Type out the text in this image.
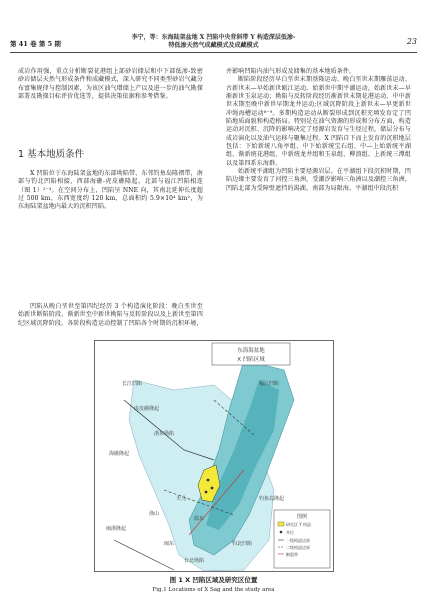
李宁，等：东海陆架盆地 X 凹陷中央背斜带 Y 构造深层低渗-
特低渗天然气成藏模式及成藏模式
第 41 卷 第 5 期	23

成岩作用强，重点分析断裂花港组上部砂岩储层和中下部低渗-致密砂岩储层天然气形成条件和成藏模式，深入研究不同类型砂岩气藏分布富集规律与控制因素，为该区油气增储上产以及进一步的油气勘探部署及勘探目标评价优选等，提供决策依据和参考借鉴。

1 基本地质条件

X 凹陷位于东海陆架盆地的东部坳陷带，东邻钓鱼岛隆褶带，南部与钓北凹陷相接，西部海礁-虎皮礁隆起，北部与福江凹陷相连（图 1）²⁻³。在空间分布上，凹陷呈 NNE 向，其南北延伸长度超过 500 km，东西宽度约 120 km，总面积约 5.9×10⁴ km²，为东海陆架盆地内最大的沉积凹陷。

凹陷从晚白垩世至第四纪经历 3 个构造演化阶段：晚白垩世至始新世断陷阶段、渐新世至中新世拗陷与反转阶段以及上新世至第四纪区域沉降阶段。各阶段构造运动控制了凹陷各个时期的沉积环境，

并影响凹陷内油气形成及储集的基本地质条件。

断陷阶段经历早白垩世末期基隆运动、晚白垩世末期雁荡运动、古新世末—早始新世瓯江运动，始新世中期平湖运动，始新世末—早渐新世玉泉运动；拗陷与反转阶段经历渐新世末期花港运动、中中新世末期至晚中新世早期龙井运动;区域沉降阶段上新世末—早更新世冲绳海槽运动⁸⁻⁹。多期构造运动从断裂形成到沉积充填发育定了凹陷地质面貌和构造格局。特别是在油气资源的形成和分布方面，构造运动对沉积、沉降的影响决定了烃源岩发育与生烃过程，储层分布与成岩演化以及油气运移与聚集过程。X 凹陷自下而上发育的沉积地层包括：下始新统八角亭组、中下始新统宝石组、中—上始新统平湖组、渐新统花港组、中新统龙井组和玉泉组、柳浪组、上新统三潭组以及第四系东海群。

始新统平湖组为凹陷主要烃源岩层。在平湖组下段沉积时期，凹陷边缘主要发育了河控三角洲，受潮汐影响三角洲以及潮控三角洲，凹陷北部为受障壁遮挡的潟湖，南部为局限海。平湖组中段沉积

东海海盆地
X 凹陷区域
虎皮礁隆起
海礁隆起
浙东坳陷
长江凹陷	福江凹陷
钓北凹陷
天马
渔山
闽浙隆起
钓鱼岛隆起
温东
闽东
台北坳陷
图例
研究区 Y 构造
井位
一级构造边界
二级构造边界
断裂带
图 1 X 凹陷区域及研究区位置
Fig.1 Locations of X Sag and the study area
